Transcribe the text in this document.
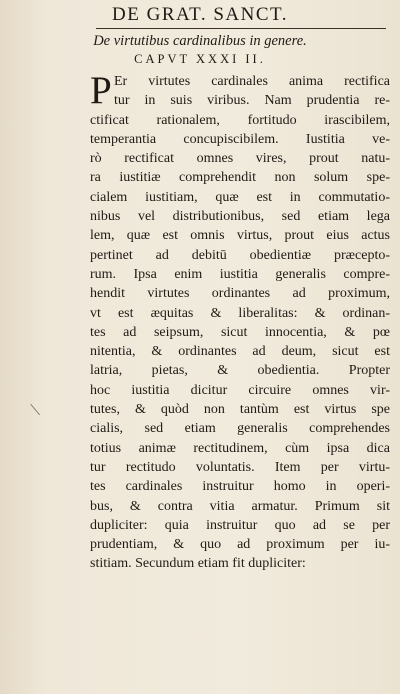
DE GRAT. SANCT.
De virtutibus cardinalibus in genere.
CAPVT XXXI II.
P Er virtutes cardinales anima rectifica
tur in suis viribus. Nam prudentia re-
ctificat rationalem, fortitudo irascibilem,
temperantia concupiscibilem. Iustitia ve-
rò rectificat omnes vires, prout natu-
ra iustitiæ comprehendit non solum spe-
cialem iustitiam, quæ est in commutatio-
nibus vel distributionibus, sed etiam lega
lem, quæ est omnis virtus, prout eius actus
pertinet ad debitū obedientiæ præcepto-
rum. Ipsa enim iustitia generalis compre-
hendit virtutes ordinantes ad proximum,
vt est æquitas & liberalitas: & ordinan-
tes ad seipsum, sicut innocentia, & pœ
nitentia, & ordinantes ad deum, sicut est
latria, pietas, & obedientia. Propter
hoc iustitia dicitur circuire omnes vir-
tutes, & quòd non tantùm est virtus spe
cialis, sed etiam generalis comprehendes
totius animæ rectitudinem, cùm ipsa dica
tur rectitudo voluntatis. Item per virtu-
tes cardinales instruitur homo in operi-
bus, & contra vitia armatur. Primum sit
dupliciter: quia instruitur quo ad se per
prudentiam, & quo ad proximum per iu-
stitiam. Secundum etiam fit dupliciter:
